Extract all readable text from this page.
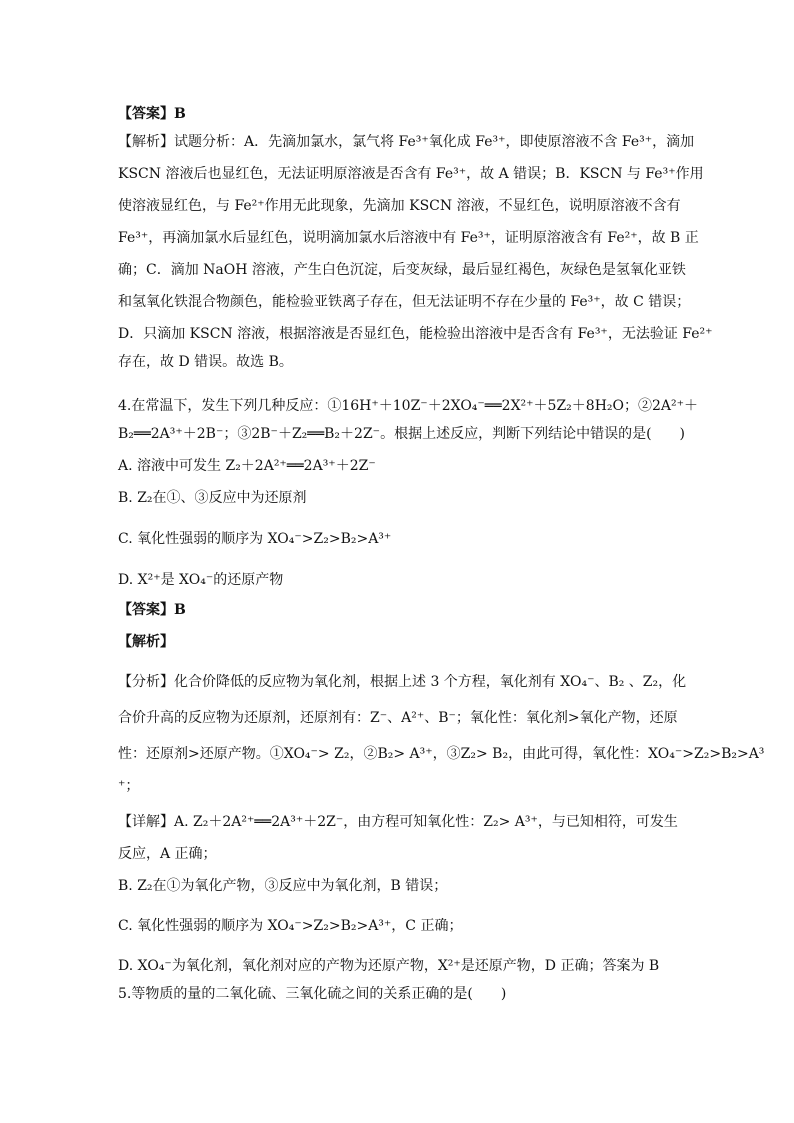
【答案】B
【解析】试题分析：A．先滴加氯水，氯气将 Fe³⁺氧化成 Fe³⁺，即使原溶液不含 Fe³⁺，滴加
KSCN 溶液后也显红色，无法证明原溶液是否含有 Fe³⁺，故 A 错误；B．KSCN 与 Fe³⁺作用
使溶液显红色，与 Fe²⁺作用无此现象，先滴加 KSCN 溶液，不显红色，说明原溶液不含有
Fe³⁺，再滴加氯水后显红色，说明滴加氯水后溶液中有 Fe³⁺，证明原溶液含有 Fe²⁺，故 B 正
确；C．滴加 NaOH 溶液，产生白色沉淀，后变灰绿，最后显红褐色，灰绿色是氢氧化亚铁
和氢氧化铁混合物颜色，能检验亚铁离子存在，但无法证明不存在少量的 Fe³⁺，故 C 错误；
D．只滴加 KSCN 溶液，根据溶液是否显红色，能检验出溶液中是否含有 Fe³⁺，无法验证 Fe²⁺
存在，故 D 错误。故选 B。
4.在常温下，发生下列几种反应：①16H⁺＋10Z⁻＋2XO₄⁻══2X²⁺＋5Z₂＋8H₂O；②2A²⁺＋
B₂══2A³⁺＋2B⁻；③2B⁻＋Z₂══B₂＋2Z⁻。根据上述反应，判断下列结论中错误的是(　　)
A. 溶液中可发生 Z₂＋2A²⁺══2A³⁺＋2Z⁻
B. Z₂在①、③反应中为还原剂
C. 氧化性强弱的顺序为 XO₄⁻>Z₂>B₂>A³⁺
D. X²⁺是 XO₄⁻的还原产物
【答案】B
【解析】
【分析】化合价降低的反应物为氧化剂，根据上述 3 个方程，氧化剂有 XO₄⁻、B₂ 、Z₂，化
合价升高的反应物为还原剂，还原剂有：Z⁻、A²⁺、B⁻；氧化性：氧化剂>氧化产物，还原
性：还原剂>还原产物。①XO₄⁻> Z₂，②B₂> A³⁺，③Z₂> B₂，由此可得，氧化性：XO₄⁻>Z₂>B₂>A³
⁺；
【详解】A. Z₂＋2A²⁺══2A³⁺＋2Z⁻，由方程可知氧化性：Z₂> A³⁺，与已知相符，可发生
反应，A 正确；
B. Z₂在①为氧化产物，③反应中为氧化剂，B 错误；
C. 氧化性强弱的顺序为 XO₄⁻>Z₂>B₂>A³⁺，C 正确；
D. XO₄⁻为氧化剂，氧化剂对应的产物为还原产物，X²⁺是还原产物，D 正确；答案为 B
5.等物质的量的二氧化硫、三氧化硫之间的关系正确的是(　　)
